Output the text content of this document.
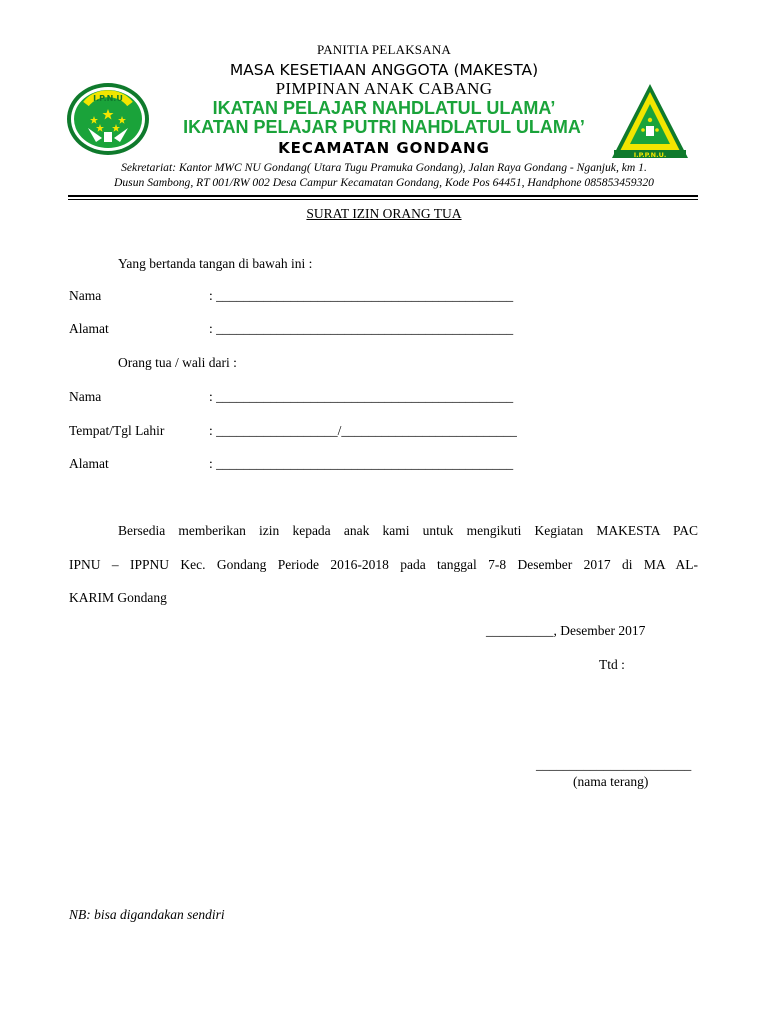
I.P.N.U
I.P.P.N.U.
PANITIA PELAKSANA
MASA KESETIAAN ANGGOTA (MAKESTA)
PIMPINAN ANAK CABANG
IKATAN PELAJAR NAHDLATUL ULAMA’
IKATAN PELAJAR PUTRI NAHDLATUL ULAMA’
KECAMATAN GONDANG
Sekretariat: Kantor MWC NU Gondang( Utara Tugu Pramuka Gondang), Jalan Raya Gondang - Nganjuk, km 1.
Dusun Sambong, RT 001/RW 002 Desa Campur Kecamatan Gondang, Kode Pos 64451, Handphone 085853459320
SURAT IZIN ORANG TUA
Yang bertanda tangan di bawah ini :
Nama	: ____________________________________________
Alamat	: ____________________________________________
Orang tua / wali dari :
Nama	: ____________________________________________
Tempat/Tgl Lahir	: __________________/__________________________
Alamat	: ____________________________________________
Bersedia memberikan izin kepada anak kami untuk mengikuti Kegiatan MAKESTA PAC
IPNU – IPPNU Kec. Gondang Periode 2016-2018 pada tanggal 7-8 Desember 2017 di MA AL-
KARIM Gondang
__________, Desember 2017
Ttd :
_______________________
(nama terang)
NB: bisa digandakan sendiri
